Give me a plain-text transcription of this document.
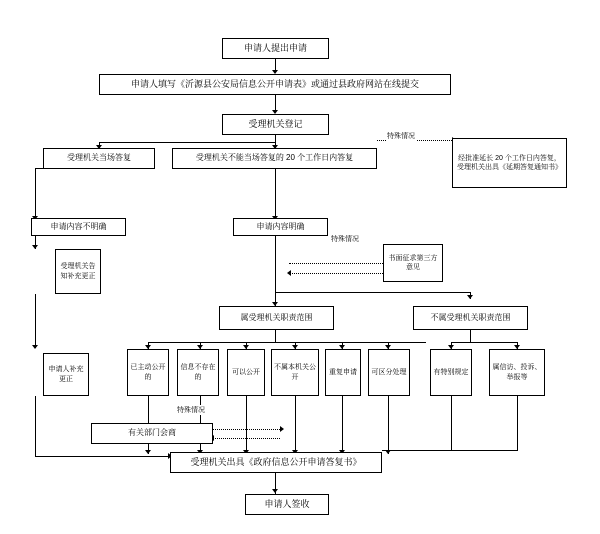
申请人提出申请
申请人填写《沂源县公安局信息公开申请表》或通过县政府网站在线提交
受理机关登记
受理机关当场答复	受理机关不能当场答复的 20 个工作日内答复	经批准延长 20 个工作日内答复，受理机关出具《延期答复通知书》
申请内容不明确	申请内容明确
书面征求第三方意见
受理机关告知补充更正
申请人补充更正
属受理机关职责范围	不属受理机关职责范围
已主动公开的
信息不存在的
可以公开
不属本机关公开
重复申请	可区分处理	有特别规定
属信访、投诉、举报等
有关部门会商
受理机关出具《政府信息公开申请答复书》
申请人签收
特殊情况
特殊情况
特殊情况
